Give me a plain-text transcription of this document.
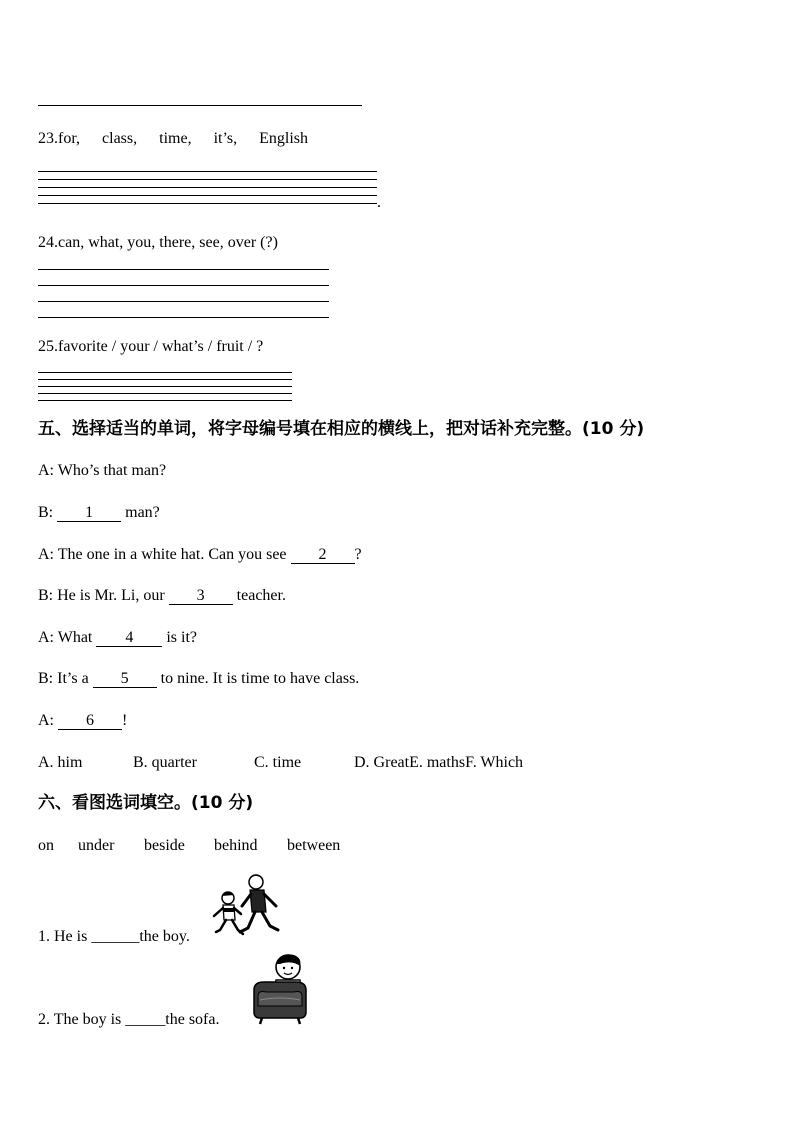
23.for, class, time, it’s, English
.
24.can, what, you, there, see, over (?)
25.favorite / your / what’s / fruit / ?
五、选择适当的单词，将字母编号填在相应的横线上，把对话补充完整。(10 分)
A: Who’s that man?
B: 1 man?
A: The one in a white hat. Can you see 2 ?
B: He is Mr. Li, our 3 teacher.
A: What 4 is it?
B: It’s a 5 to nine. It is time to have class.
A: 6 !
A. him	B. quarter	C. time	D. GreatE. mathsF. Which
六、看图选词填空。(10 分)
on under beside behind between
1. He is ______the boy.
2. The boy is _____the sofa.
